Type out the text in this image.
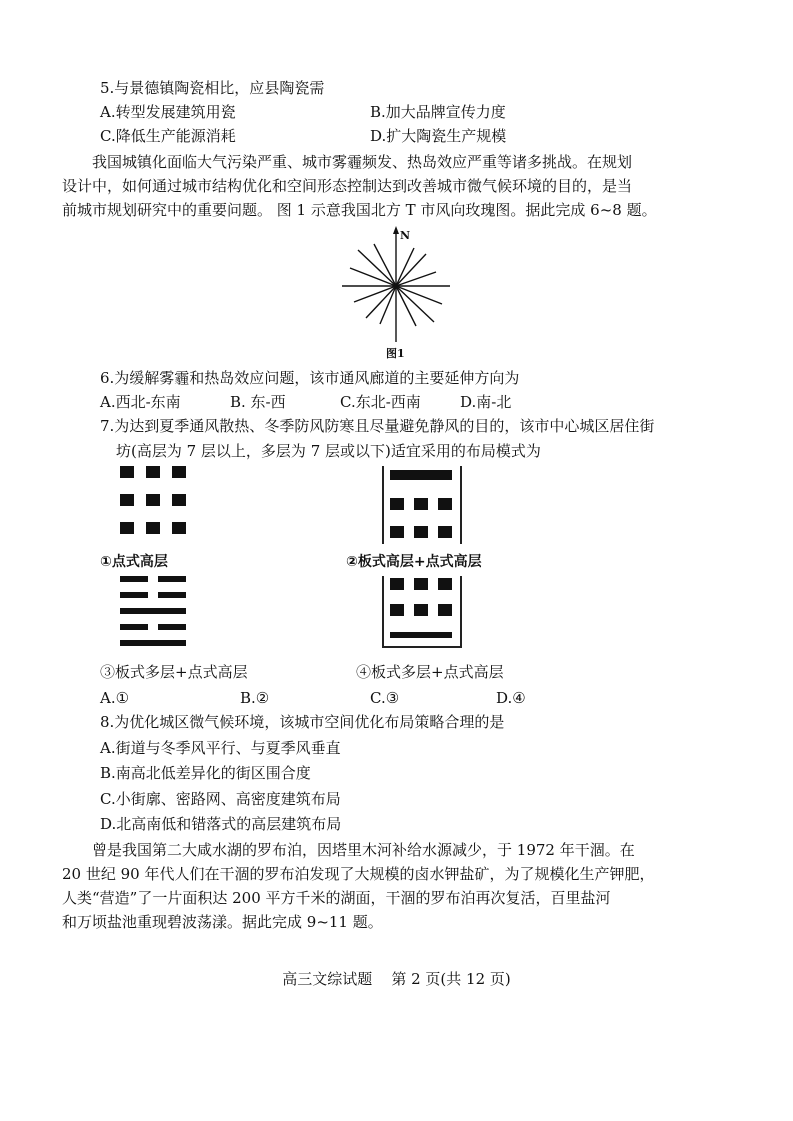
5.与景德镇陶瓷相比，应县陶瓷需
A.转型发展建筑用瓷	B.加大品牌宣传力度
C.降低生产能源消耗	D.扩大陶瓷生产规模
我国城镇化面临大气污染严重、城市雾霾频发、热岛效应严重等诸多挑战。在规划
设计中，如何通过城市结构优化和空间形态控制达到改善城市微气候环境的目的，是当
前城市规划研究中的重要问题。 图 1 示意我国北方 T 市风向玫瑰图。据此完成 6~8 题。
N
图1
6.为缓解雾霾和热岛效应问题，该市通风廊道的主要延伸方向为
A.西北-东南	B. 东-西	C.东北-西南	D.南-北
7.为达到夏季通风散热、冬季防风防寒且尽量避免静风的目的，该市中心城区居住街
坊(高层为 7 层以上，多层为 7 层或以下)适宜采用的布局模式为
①点式高层	②板式高层+点式高层
③板式多层+点式高层	④板式多层+点式高层
A.①	B.②	C.③	D.④
8.为优化城区微气候环境，该城市空间优化布局策略合理的是
A.街道与冬季风平行、与夏季风垂直
B.南高北低差异化的街区围合度
C.小街廓、密路网、高密度建筑布局
D.北高南低和错落式的高层建筑布局
曾是我国第二大咸水湖的罗布泊，因塔里木河补给水源减少，于 1972 年干涸。在
20 世纪 90 年代人们在干涸的罗布泊发现了大规模的卤水钾盐矿，为了规模化生产钾肥，
人类“营造”了一片面积达 200 平方千米的湖面，干涸的罗布泊再次复活，百里盐河
和万顷盐池重现碧波荡漾。据此完成 9~11 题。
高三文综试题    第 2 页(共 12 页)
